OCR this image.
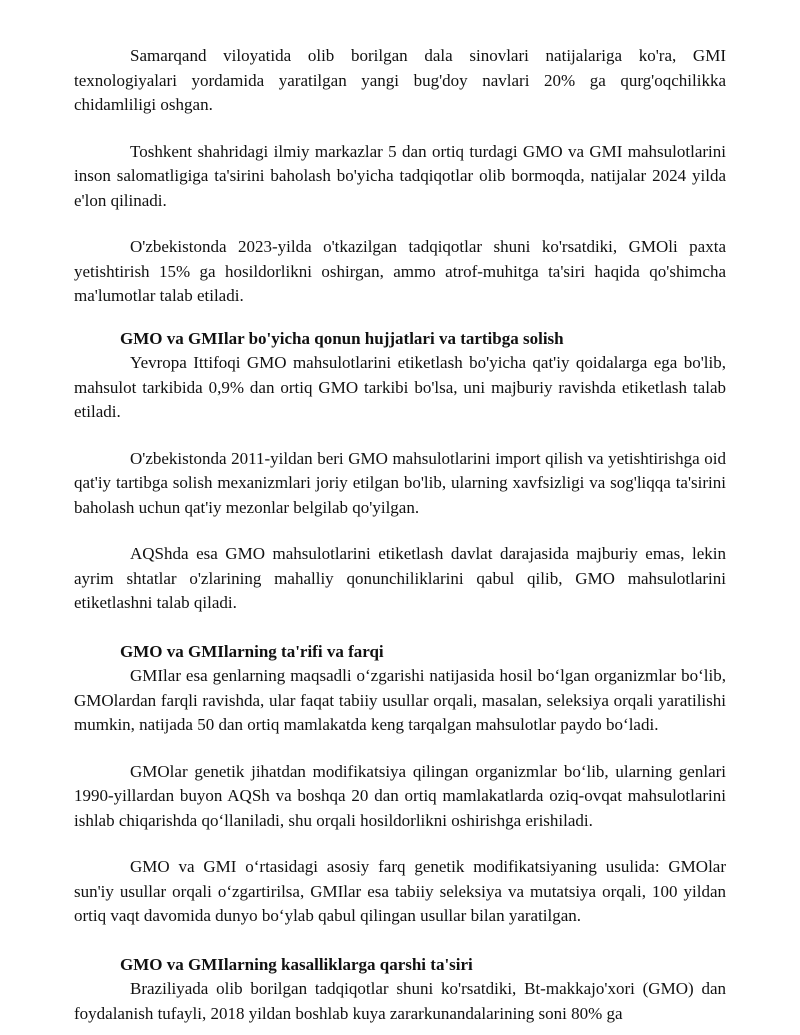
Samarqand viloyatida olib borilgan dala sinovlari natijalariga ko'ra, GMI texnologiyalari yordamida yaratilgan yangi bug'doy navlari 20% ga qurg'oqchilikka chidamliligi oshgan.

Toshkent shahridagi ilmiy markazlar 5 dan ortiq turdagi GMO va GMI mahsulotlarini inson salomatligiga ta'sirini baholash bo'yicha tadqiqotlar olib bormoqda, natijalar 2024 yilda e'lon qilinadi.

O'zbekistonda 2023-yilda o'tkazilgan tadqiqotlar shuni ko'rsatdiki, GMOli paxta yetishtirish 15% ga hosildorlikni oshirgan, ammo atrof-muhitga ta'siri haqida qo'shimcha ma'lumotlar talab etiladi.

GMO va GMIlar bo'yicha qonun hujjatlari va tartibga solish

Yevropa Ittifoqi GMO mahsulotlarini etiketlash bo'yicha qat'iy qoidalarga ega bo'lib, mahsulot tarkibida 0,9% dan ortiq GMO tarkibi bo'lsa, uni majburiy ravishda etiketlash talab etiladi.

O'zbekistonda 2011-yildan beri GMO mahsulotlarini import qilish va yetishtirishga oid qat'iy tartibga solish mexanizmlari joriy etilgan bo'lib, ularning xavfsizligi va sog'liqqa ta'sirini baholash uchun qat'iy mezonlar belgilab qo'yilgan.

AQShda esa GMO mahsulotlarini etiketlash davlat darajasida majburiy emas, lekin ayrim shtatlar o'zlarining mahalliy qonunchiliklarini qabul qilib, GMO mahsulotlarini etiketlashni talab qiladi.

GMO va GMIlarning ta'rifi va farqi

GMIlar esa genlarning maqsadli oʻzgarishi natijasida hosil boʻlgan organizmlar boʻlib, GMOlardan farqli ravishda, ular faqat tabiiy usullar orqali, masalan, seleksiya orqali yaratilishi mumkin, natijada 50 dan ortiq mamlakatda keng tarqalgan mahsulotlar paydo boʻladi.

GMOlar genetik jihatdan modifikatsiya qilingan organizmlar boʻlib, ularning genlari 1990-yillardan buyon AQSh va boshqa 20 dan ortiq mamlakatlarda oziq-ovqat mahsulotlarini ishlab chiqarishda qoʻllaniladi, shu orqali hosildorlikni oshirishga erishiladi.

GMO va GMI oʻrtasidagi asosiy farq genetik modifikatsiyaning usulida: GMOlar sun'iy usullar orqali oʻzgartirilsa, GMIlar esa tabiiy seleksiya va mutatsiya orqali, 100 yildan ortiq vaqt davomida dunyo boʻylab qabul qilingan usullar bilan yaratilgan.

GMO va GMIlarning kasalliklarga qarshi ta'siri

Braziliyada olib borilgan tadqiqotlar shuni ko'rsatdiki, Bt-makkajo'xori (GMO) dan foydalanish tufayli, 2018 yildan boshlab kuya zararkunandalarining soni 80% ga
